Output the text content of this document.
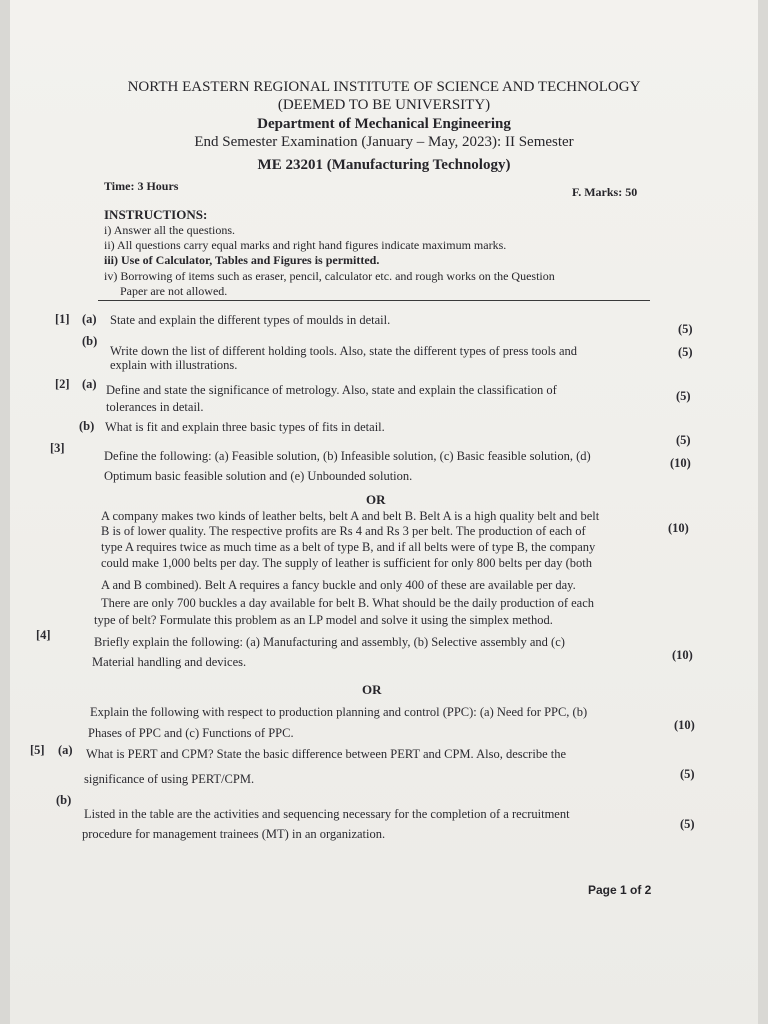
NORTH EASTERN REGIONAL INSTITUTE OF SCIENCE AND TECHNOLOGY
(DEEMED TO BE UNIVERSITY)
Department of Mechanical Engineering
End Semester Examination (January – May, 2023): II Semester
ME 23201 (Manufacturing Technology)
Time: 3 Hours	F. Marks: 50
INSTRUCTIONS:
i) Answer all the questions.
ii) All questions carry equal marks and right hand figures indicate maximum marks.
iii) Use of Calculator, Tables and Figures is permitted.
iv) Borrowing of items such as eraser, pencil, calculator etc. and rough works on the Question
Paper are not allowed.
[1] (a) State and explain the different types of moulds in detail.
(5)
(b)
Write down the list of different holding tools. Also, state the different types of press tools and
explain with illustrations.
(5)
[2] (a) Define and state the significance of metrology. Also, state and explain the classification of
tolerances in detail.
(5)
(b) What is fit and explain three basic types of fits in detail.
(5)
[3]
Define the following: (a) Feasible solution, (b) Infeasible solution, (c) Basic feasible solution, (d)
Optimum basic feasible solution and (e) Unbounded solution.
(10)
OR
A company makes two kinds of leather belts, belt A and belt B. Belt A is a high quality belt and belt
B is of lower quality. The respective profits are Rs 4 and Rs 3 per belt. The production of each of
type A requires twice as much time as a belt of type B, and if all belts were of type B, the company
could make 1,000 belts per day. The supply of leather is sufficient for only 800 belts per day (both
A and B combined). Belt A requires a fancy buckle and only 400 of these are available per day.
There are only 700 buckles a day available for belt B. What should be the daily production of each
type of belt? Formulate this problem as an LP model and solve it using the simplex method.
(10)
[4]	Briefly explain the following: (a) Manufacturing and assembly, (b) Selective assembly and (c)
Material handling and devices.	(10)
OR
Explain the following with respect to production planning and control (PPC): (a) Need for PPC, (b)
Phases of PPC and (c) Functions of PPC.
(10)
[5] (a) What is PERT and CPM? State the basic difference between PERT and CPM. Also, describe the
significance of using PERT/CPM.	(5)
(b)
Listed in the table are the activities and sequencing necessary for the completion of a recruitment
procedure for management trainees (MT) in an organization.
(5)
Page 1 of 2
